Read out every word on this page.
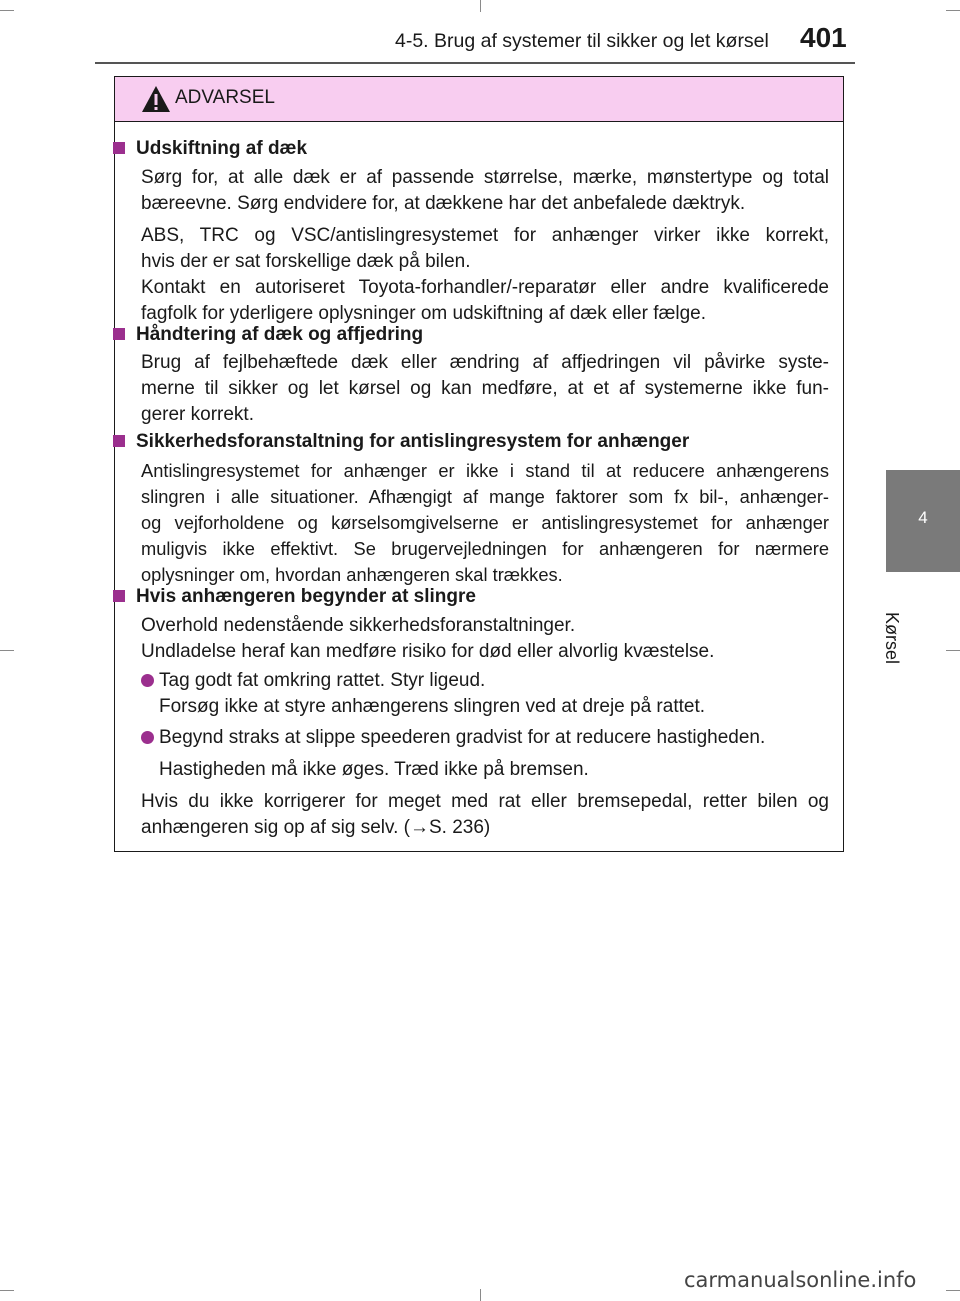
4-5. Brug af systemer til sikker og let kørsel	401
4
Kørsel
ADVARSEL
Udskiftning af dæk
Sørg for, at alle dæk er af passende størrelse, mærke, mønstertype og total
bæreevne. Sørg endvidere for, at dækkene har det anbefalede dæktryk.
ABS, TRC og VSC/antislingresystemet for anhænger virker ikke korrekt,
hvis der er sat forskellige dæk på bilen.
Kontakt en autoriseret Toyota-forhandler/-reparatør eller andre kvalificerede
fagfolk for yderligere oplysninger om udskiftning af dæk eller fælge.
Håndtering af dæk og affjedring
Brug af fejlbehæftede dæk eller ændring af affjedringen vil påvirke syste-
merne til sikker og let kørsel og kan medføre, at et af systemerne ikke fun-
gerer korrekt.
Sikkerhedsforanstaltning for antislingresystem for anhænger
Antislingresystemet for anhænger er ikke i stand til at reducere anhængerens
slingren i alle situationer. Afhængigt af mange faktorer som fx bil-, anhænger-
og vejforholdene og kørselsomgivelserne er antislingresystemet for anhænger
muligvis ikke effektivt. Se brugervejledningen for anhængeren for nærmere
oplysninger om, hvordan anhængeren skal trækkes.
Hvis anhængeren begynder at slingre
Overhold nedenstående sikkerhedsforanstaltninger.
Undladelse heraf kan medføre risiko for død eller alvorlig kvæstelse.
Tag godt fat omkring rattet. Styr ligeud.
Forsøg ikke at styre anhængerens slingren ved at dreje på rattet.
Begynd straks at slippe speederen gradvist for at reducere hastigheden.
Hastigheden må ikke øges. Træd ikke på bremsen.
Hvis du ikke korrigerer for meget med rat eller bremsepedal, retter bilen og
anhængeren sig op af sig selv. (→S. 236)
carmanualsonline.info
